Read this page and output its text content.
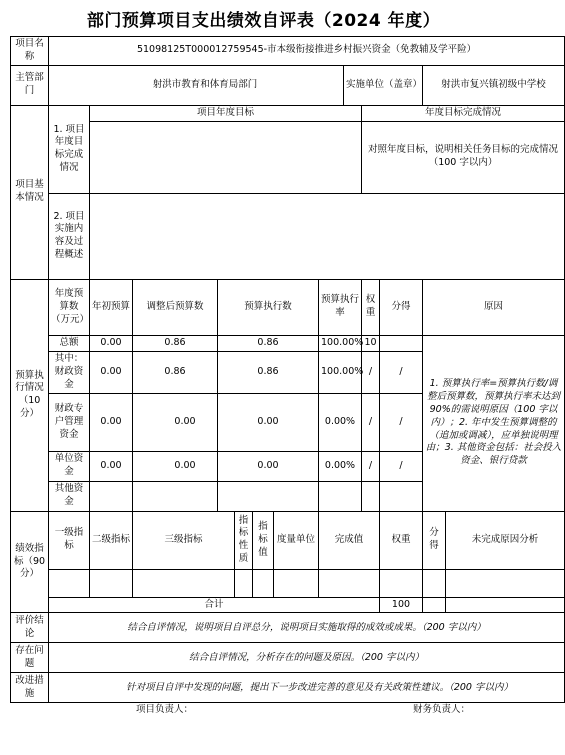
部门预算项目支出绩效自评表（2024 年度）
项目名称	51098125T000012759545-市本级衔接推进乡村振兴资金（免教辅及学平险）												
主管部门	射洪市教育和体育局部门								实施单位（盖章）			射洪市复兴镇初级中学校	
项目基本情况	1. 项目年度目标完成情况	项目年度目标								年度目标完成情况			
										对照年度目标，说明相关任务目标的完成情况（100 字以内）			
	2. 项目实施内容及过程概述												
预算执行情况（10分）	年度预算数（万元）	年初预算	调整后预算数	预算执行数				预算执行率		权重	分得	原因	
	总额	0.00	0.86	0.86				100.00%		10		1. 预算执行率=预算执行数/调整后预算数，预算执行率未达到 90%的需说明原因（100 字以内）；2. 年中发生预算调整的（追加或调减），应单独说明理由；3. 其他资金包括：社会投入资金、银行贷款	
	其中：财政资金	0.00	0.86	0.86				100.00%		/	/		
	财政专户管理资金	0.00	0.00	0.00				0.00%		/	/		
	单位资金	0.00	0.00	0.00				0.00%		/	/		
	其他资金												
绩效指标（90 分）	一级指标	二级指标	三级指标		指标性质	指标值	度量单位	完成值			权重	分得	未完成原因分析

	合计										100		
评价结论	结合自评情况，说明项目自评总分，说明项目实施取得的成效或成果。（200 字以内）												
存在问题	结合自评情况，分析存在的问题及原因。（200 字以内）												
改进措施	针对项目自评中发现的问题，提出下一步改进完善的意见及有关政策性建议。（200 字以内）												
项目负责人：								财务负责人：					
